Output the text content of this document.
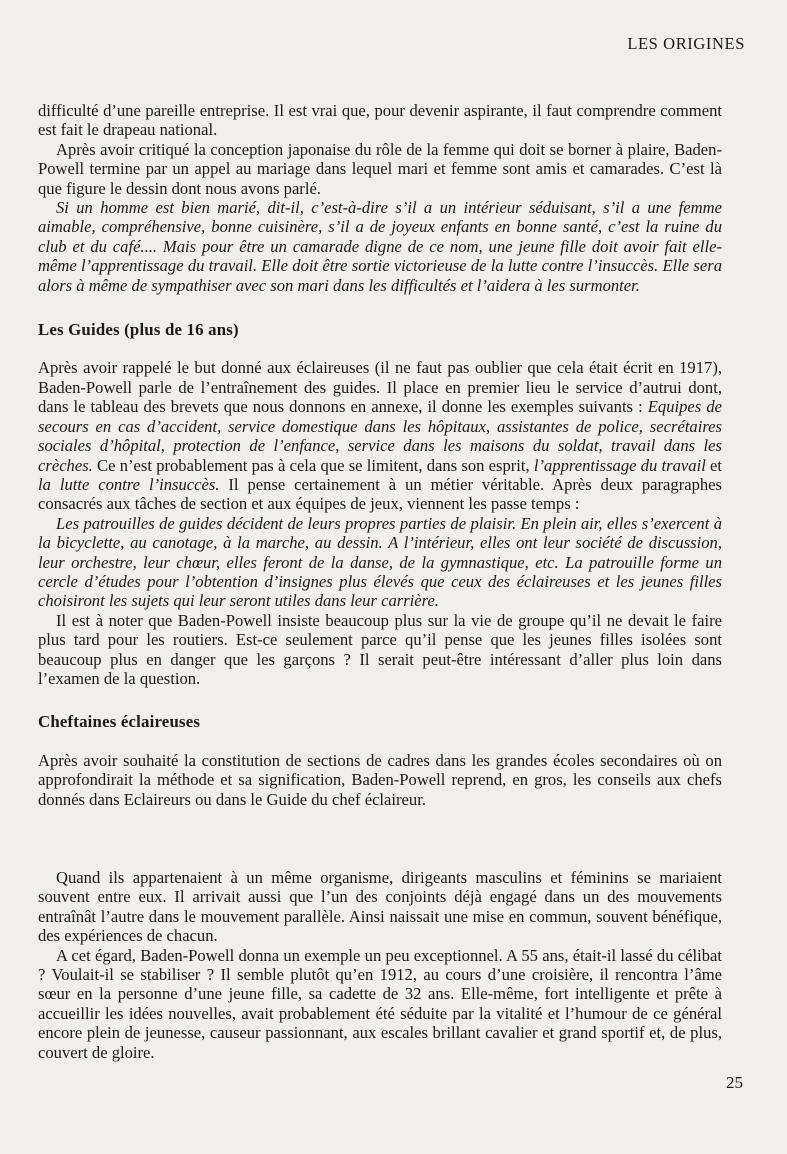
LES ORIGINES

difficulté d’une pareille entreprise. Il est vrai que, pour devenir aspirante, il faut comprendre comment est fait le drapeau national.

Après avoir critiqué la conception japonaise du rôle de la femme qui doit se borner à plaire, Baden-Powell termine par un appel au mariage dans lequel mari et femme sont amis et camarades. C’est là que figure le dessin dont nous avons parlé.

Si un homme est bien marié, dit-il, c’est-à-dire s’il a un intérieur séduisant, s’il a une femme aimable, compréhensive, bonne cuisinère, s’il a de joyeux enfants en bonne santé, c’est la ruine du club et du café.... Mais pour être un camarade digne de ce nom, une jeune fille doit avoir fait elle-même l’apprentissage du travail. Elle doit être sortie victorieuse de la lutte contre l’insuccès. Elle sera alors à même de sympathiser avec son mari dans les difficultés et l’aidera à les surmonter.

Les Guides (plus de 16 ans)

Après avoir rappelé le but donné aux éclaireuses (il ne faut pas oublier que cela était écrit en 1917), Baden-Powell parle de l’entraînement des guides. Il place en premier lieu le service d’autrui dont, dans le tableau des brevets que nous donnons en annexe, il donne les exemples suivants : Equipes de secours en cas d’accident, service domestique dans les hôpitaux, assistantes de police, secrétaires sociales d’hôpital, protection de l’enfance, service dans les maisons du soldat, travail dans les crèches. Ce n’est probablement pas à cela que se limitent, dans son esprit, l’apprentissage du travail et la lutte contre l’insuccès. Il pense certainement à un métier véritable. Après deux paragraphes consacrés aux tâches de section et aux équipes de jeux, viennent les passe temps :

Les patrouilles de guides décident de leurs propres parties de plaisir. En plein air, elles s’exercent à la bicyclette, au canotage, à la marche, au dessin. A l’intérieur, elles ont leur société de discussion, leur orchestre, leur chœur, elles feront de la danse, de la gymnastique, etc. La patrouille forme un cercle d’études pour l’obtention d’insignes plus élevés que ceux des éclaireuses et les jeunes filles choisiront les sujets qui leur seront utiles dans leur carrière.

Il est à noter que Baden-Powell insiste beaucoup plus sur la vie de groupe qu’il ne devait le faire plus tard pour les routiers. Est-ce seulement parce qu’il pense que les jeunes filles isolées sont beaucoup plus en danger que les garçons ? Il serait peut-être intéressant d’aller plus loin dans l’examen de la question.

Cheftaines éclaireuses

Après avoir souhaité la constitution de sections de cadres dans les grandes écoles secondaires où on approfondirait la méthode et sa signification, Baden-Powell reprend, en gros, les conseils aux chefs donnés dans Eclaireurs ou dans le Guide du chef éclaireur.

Quand ils appartenaient à un même organisme, dirigeants masculins et féminins se mariaient souvent entre eux. Il arrivait aussi que l’un des conjoints déjà engagé dans un des mouvements entraînât l’autre dans le mouvement parallèle. Ainsi naissait une mise en commun, souvent bénéfique, des expériences de chacun.

A cet égard, Baden-Powell donna un exemple un peu exceptionnel. A 55 ans, était-il lassé du célibat ? Voulait-il se stabiliser ? Il semble plutôt qu’en 1912, au cours d’une croisière, il rencontra l’âme sœur en la personne d’une jeune fille, sa cadette de 32 ans. Elle-même, fort intelligente et prête à accueillir les idées nouvelles, avait probablement été séduite par la vitalité et l’humour de ce général encore plein de jeunesse, causeur passionnant, aux escales brillant cavalier et grand sportif et, de plus, couvert de gloire.

25
